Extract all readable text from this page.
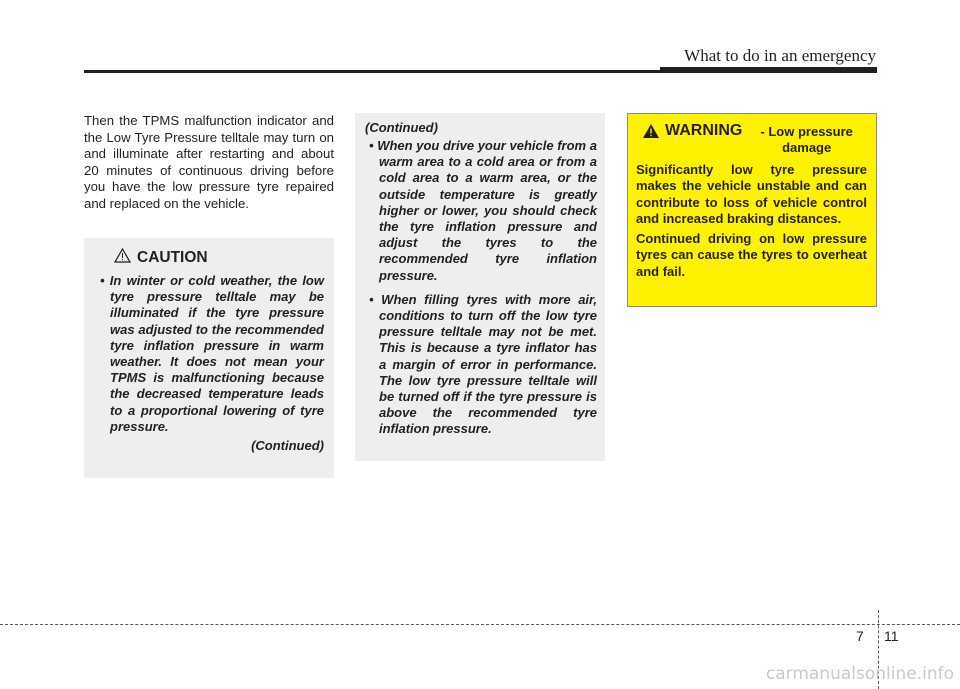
What to do in an emergency

Then the TPMS malfunction indicator and the Low Tyre Pressure telltale may turn on and illuminate after restarting and about 20 minutes of continuous driving before you have the low pressure tyre repaired and replaced on the vehicle.

CAUTION

• In winter or cold weather, the low tyre pressure telltale may be illuminated if the tyre pressure was adjusted to the recommended tyre inflation pressure in warm weather. It does not mean your TPMS is malfunctioning because the decreased temperature leads to a proportional lowering of tyre pressure.

(Continued)

(Continued)

• When you drive your vehicle from a warm area to a cold area or from a cold area to a warm area, or the outside temperature is greatly higher or lower, you should check the tyre inflation pressure and adjust the tyres to the recommended tyre inflation pressure.

• When filling tyres with more air, conditions to turn off the low tyre pressure telltale may not be met. This is because a tyre inflator has a margin of error in performance. The low tyre pressure telltale will be turned off if the tyre pressure is above the recommended tyre inflation pressure.

WARNING	- Low pressure damage

Significantly low tyre pressure makes the vehicle unstable and can contribute to loss of vehicle control and increased braking distances.

Continued driving on low pressure tyres can cause the tyres to overheat and fail.

7 11
carmanualsonline.info
